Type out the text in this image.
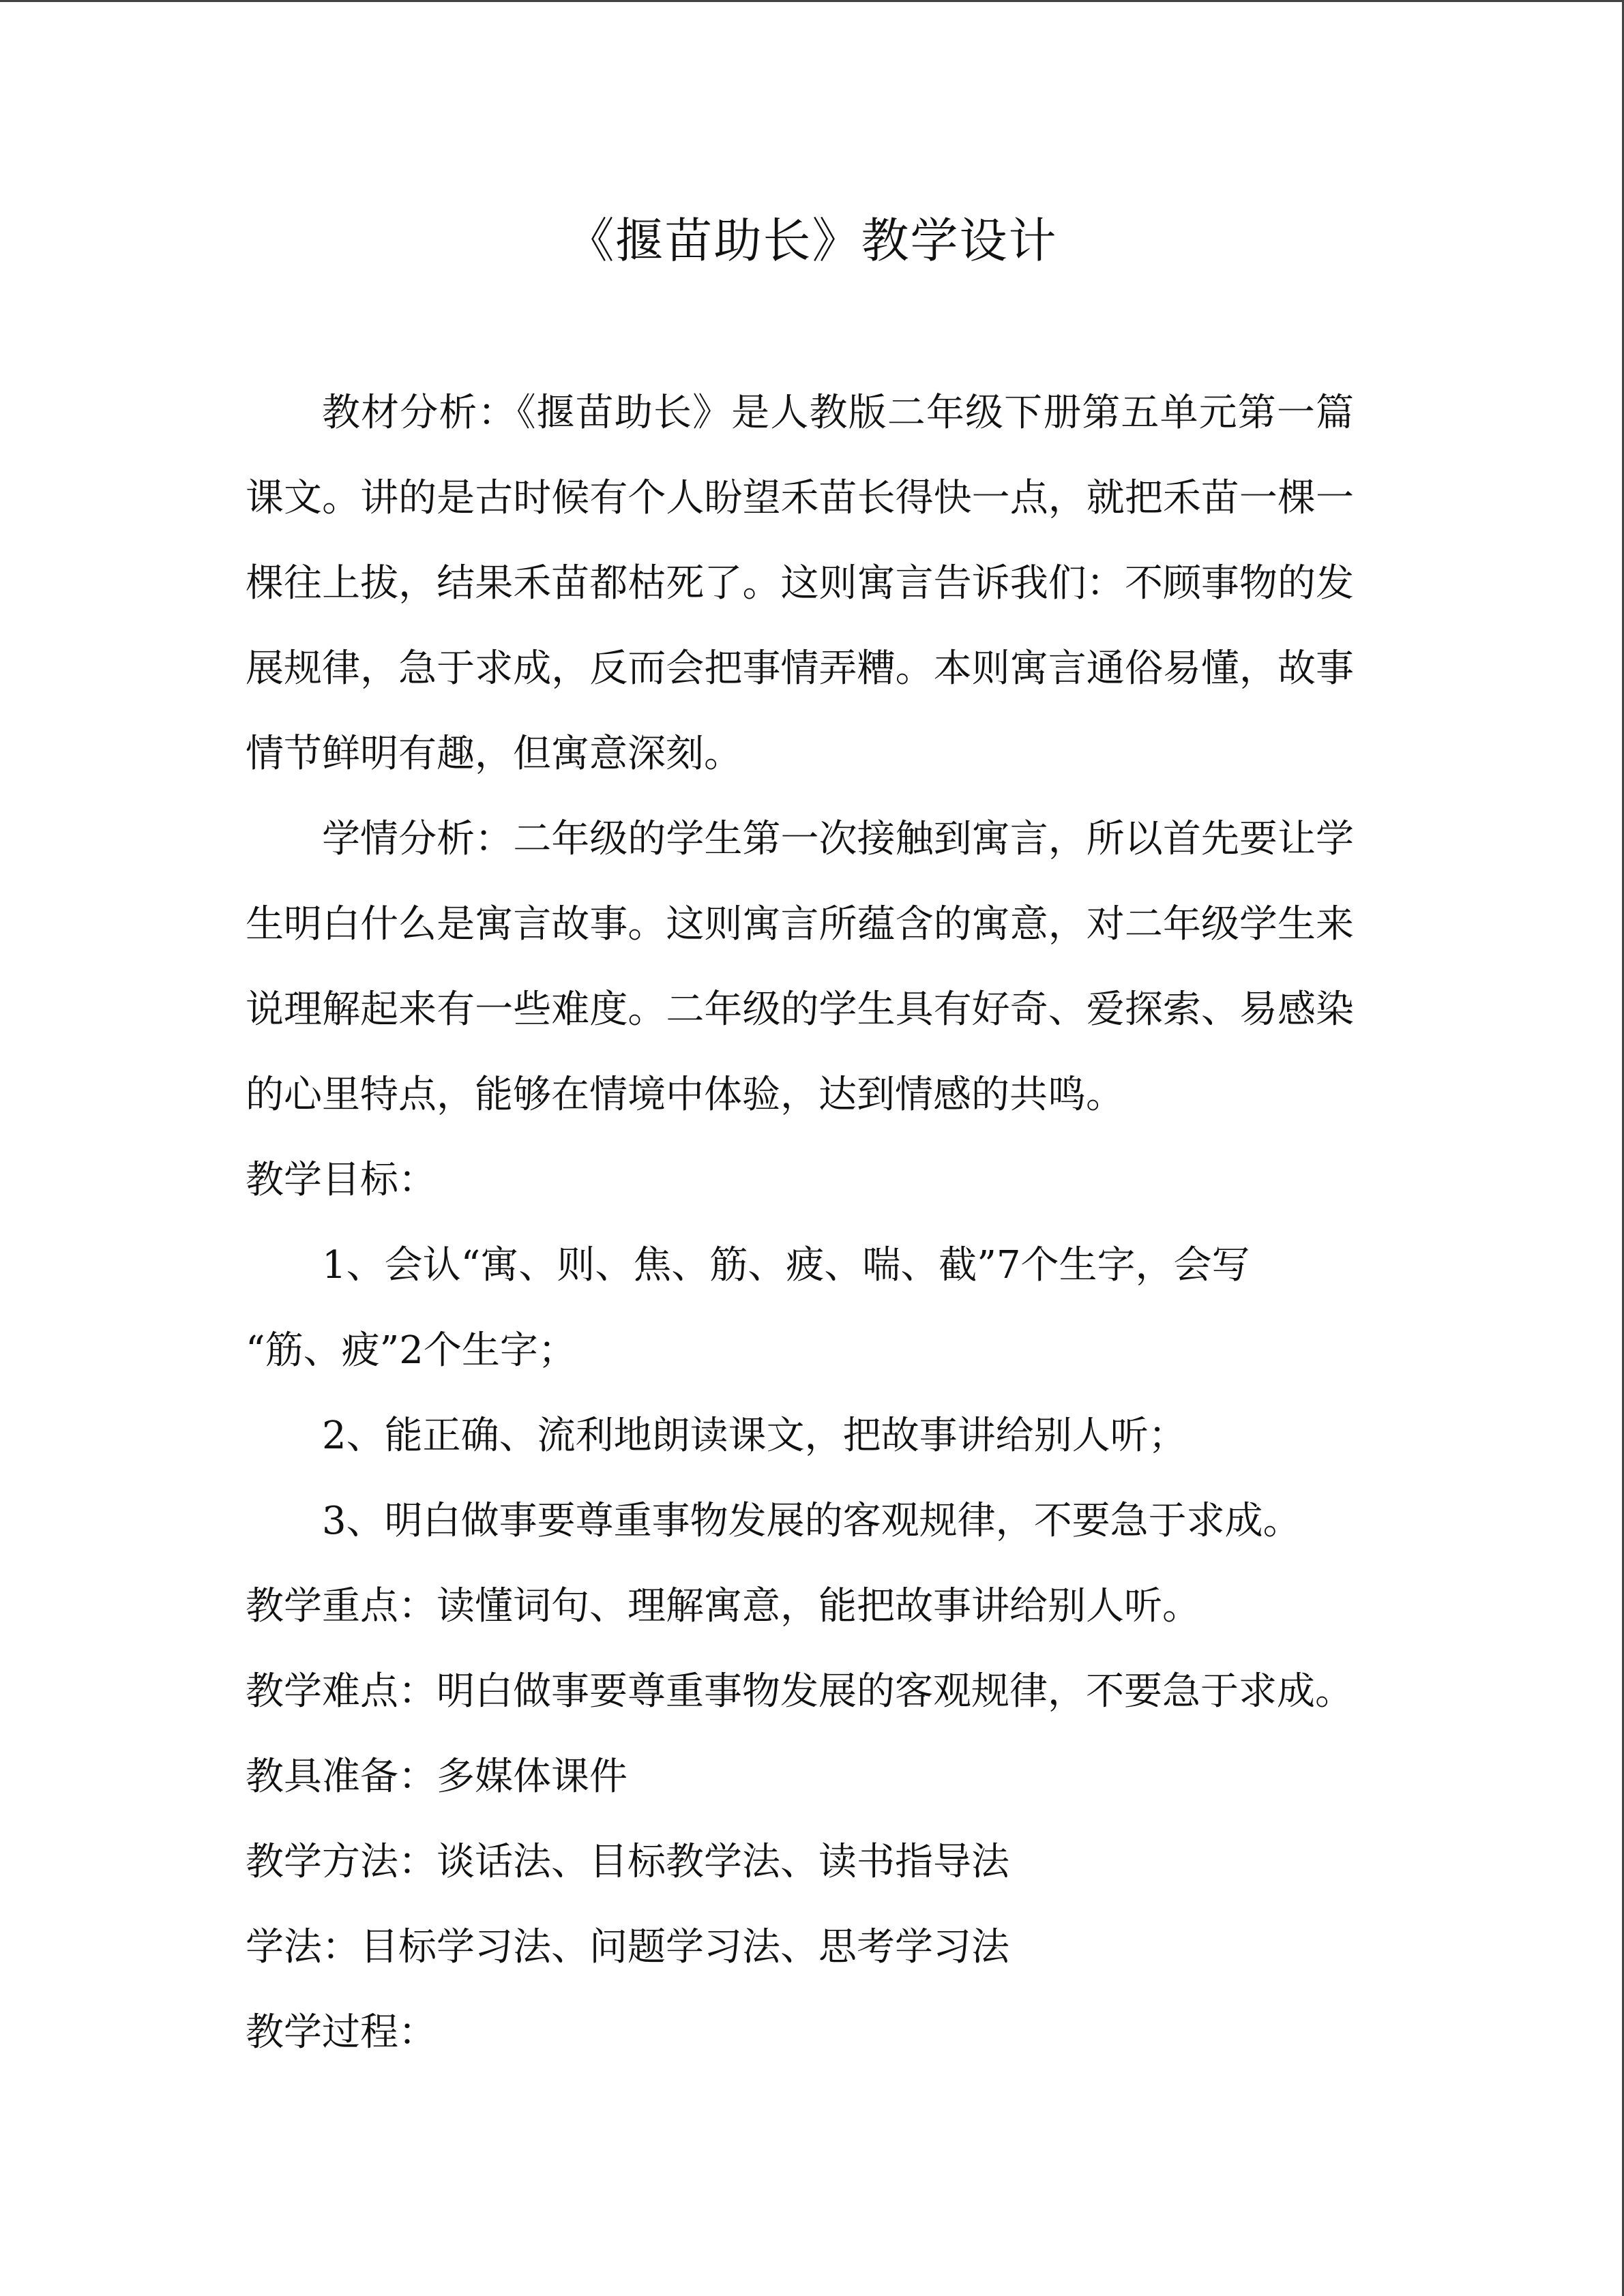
《揠苗助长》教学设计

教材分析：《揠苗助长》是人教版二年级下册第五单元第一篇课文。讲的是古时候有个人盼望禾苗长得快一点，就把禾苗一棵一棵往上拔，结果禾苗都枯死了。这则寓言告诉我们：不顾事物的发展规律，急于求成，反而会把事情弄糟。本则寓言通俗易懂，故事情节鲜明有趣，但寓意深刻。

学情分析：二年级的学生第一次接触到寓言，所以首先要让学生明白什么是寓言故事。这则寓言所蕴含的寓意，对二年级学生来说理解起来有一些难度。二年级的学生具有好奇、爱探索、易感染的心里特点，能够在情境中体验，达到情感的共鸣。

教学目标：

1、会认“寓、则、焦、筋、疲、喘、截”7个生字，会写

“筋、疲”2个生字；

2、能正确、流利地朗读课文，把故事讲给别人听；

3、明白做事要尊重事物发展的客观规律，不要急于求成。

教学重点：读懂词句、理解寓意，能把故事讲给别人听。

教学难点：明白做事要尊重事物发展的客观规律，不要急于求成。

教具准备：多媒体课件

教学方法：谈话法、目标教学法、读书指导法

学法：目标学习法、问题学习法、思考学习法

教学过程：
